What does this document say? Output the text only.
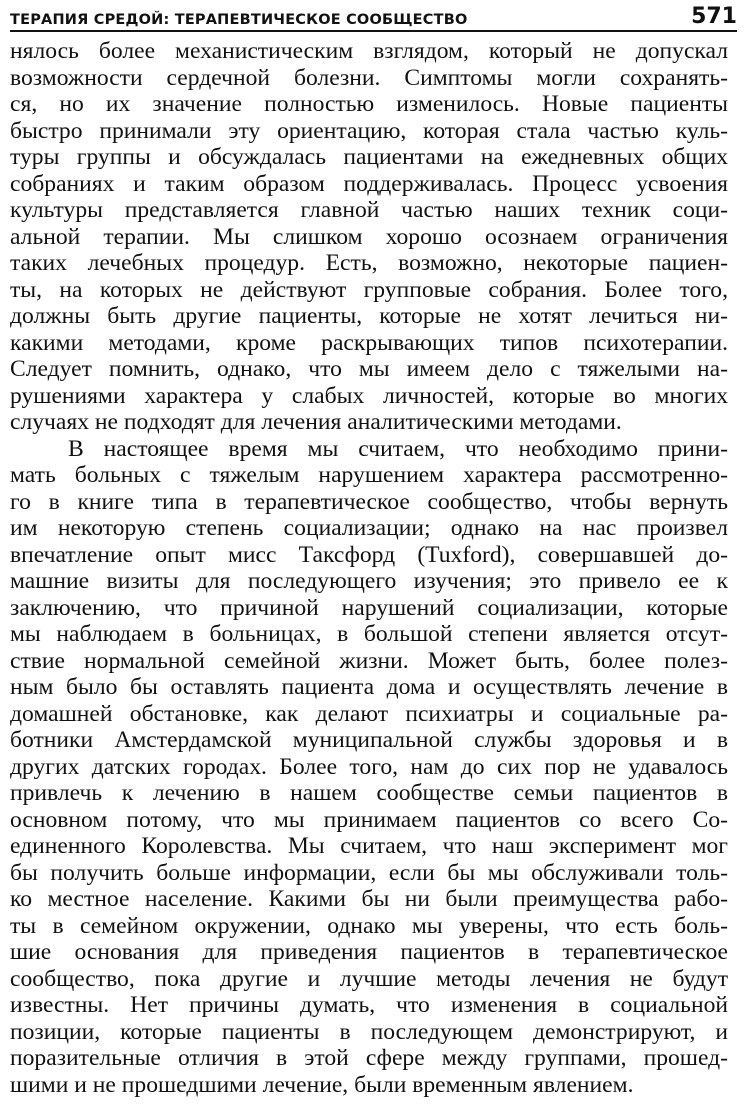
ТЕРАПИЯ СРЕДОЙ: ТЕРАПЕВТИЧЕСКОЕ СООБЩЕСТВО	571

нялось более механистическим взглядом, который не допускал
возможности сердечной болезни. Симптомы могли сохранять-
ся, но их значение полностью изменилось. Новые пациенты
быстро принимали эту ориентацию, которая стала частью куль-
туры группы и обсуждалась пациентами на ежедневных общих
собраниях и таким образом поддерживалась. Процесс усвоения
культуры представляется главной частью наших техник соци-
альной терапии. Мы слишком хорошо осознаем ограничения
таких лечебных процедур. Есть, возможно, некоторые пациен-
ты, на которых не действуют групповые собрания. Более того,
должны быть другие пациенты, которые не хотят лечиться ни-
какими методами, кроме раскрывающих типов психотерапии.
Следует помнить, однако, что мы имеем дело с тяжелыми на-
рушениями характера у слабых личностей, которые во многих
случаях не подходят для лечения аналитическими методами.

В настоящее время мы считаем, что необходимо прини-
мать больных с тяжелым нарушением характера рассмотренно-
го в книге типа в терапевтическое сообщество, чтобы вернуть
им некоторую степень социализации; однако на нас произвел
впечатление опыт мисс Таксфорд (Tuxford), совершавшей до-
машние визиты для последующего изучения; это привело ее к
заключению, что причиной нарушений социализации, которые
мы наблюдаем в больницах, в большой степени является отсут-
ствие нормальной семейной жизни. Может быть, более полез-
ным было бы оставлять пациента дома и осуществлять лечение в
домашней обстановке, как делают психиатры и социальные ра-
ботники Амстердамской муниципальной службы здоровья и в
других датских городах. Более того, нам до сих пор не удавалось
привлечь к лечению в нашем сообществе семьи пациентов в
основном потому, что мы принимаем пациентов со всего Со-
единенного Королевства. Мы считаем, что наш эксперимент мог
бы получить больше информации, если бы мы обслуживали толь-
ко местное население. Какими бы ни были преимущества рабо-
ты в семейном окружении, однако мы уверены, что есть боль-
шие основания для приведения пациентов в терапевтическое
сообщество, пока другие и лучшие методы лечения не будут
известны. Нет причины думать, что изменения в социальной
позиции, которые пациенты в последующем демонстрируют, и
поразительные отличия в этой сфере между группами, прошед-
шими и не прошедшими лечение, были временным явлением.
